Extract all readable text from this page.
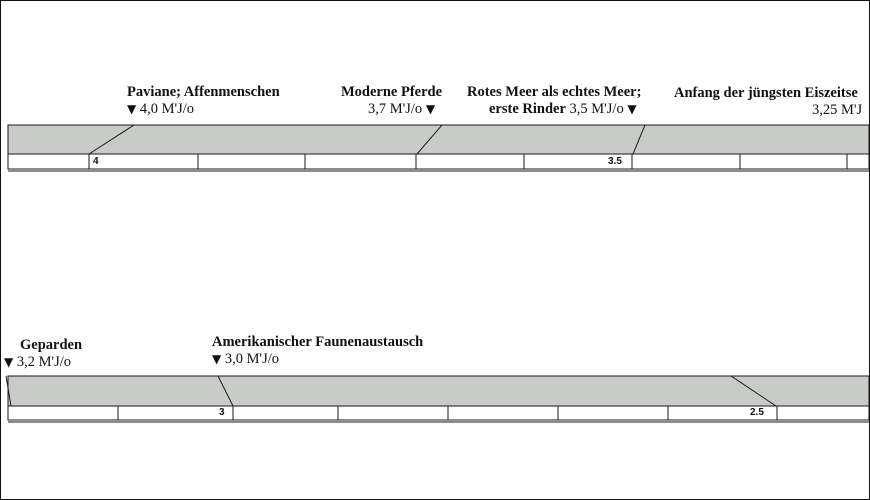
Paviane; Affenmenschen
▼ 4,0 M'J/o
Moderne Pferde
3,7 M'J/o ▼
Rotes Meer als echtes Meer;
erste Rinder 3,5 M'J/o ▼
Anfang der jüngsten Eiszeitse
3,25 M'J
4	3.5
Geparden
▼ 3,2 M'J/o
Amerikanischer Faunenaustausch
▼ 3,0 M'J/o
3	2.5
